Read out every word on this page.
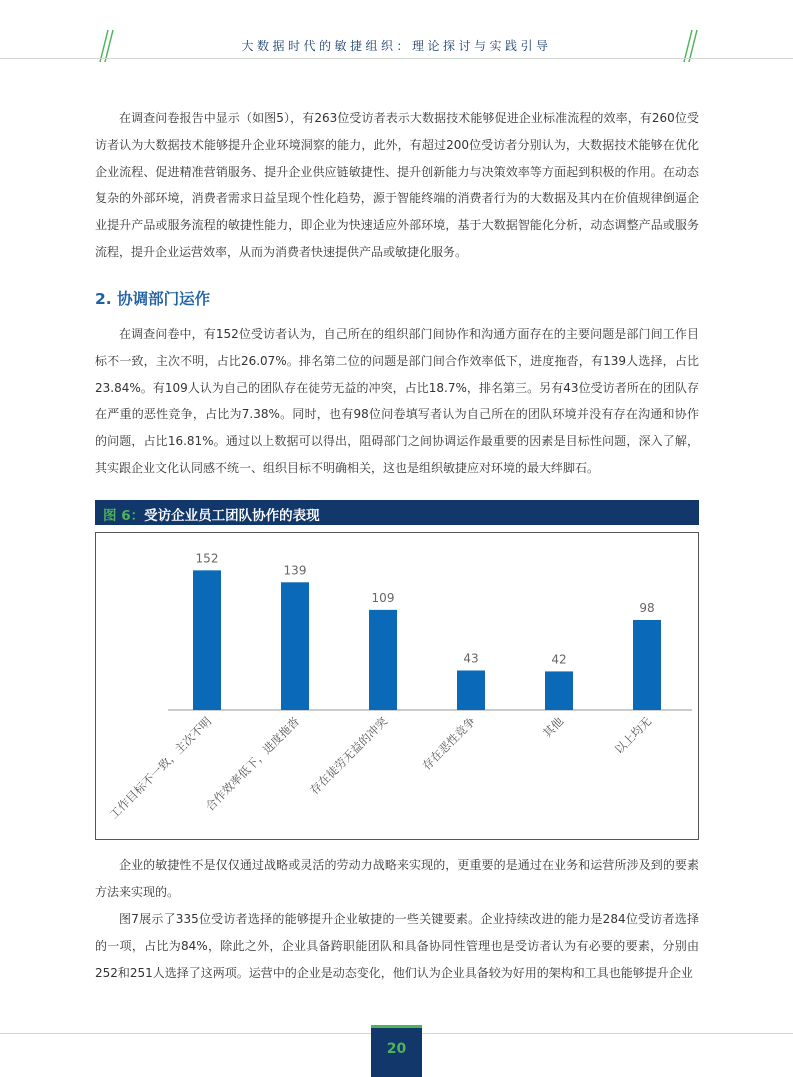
大数据时代的敏捷组织：理论探讨与实践引导

在调查问卷报告中显示（如图5），有263位受访者表示大数据技术能够促进企业标准流程的效率，有260位受访者认为大数据技术能够提升企业环境洞察的能力，此外，有超过200位受访者分别认为，大数据技术能够在优化企业流程、促进精准营销服务、提升企业供应链敏捷性、提升创新能力与决策效率等方面起到积极的作用。在动态复杂的外部环境，消费者需求日益呈现个性化趋势，源于智能终端的消费者行为的大数据及其内在价值规律倒逼企业提升产品或服务流程的敏捷性能力，即企业为快速适应外部环境，基于大数据智能化分析，动态调整产品或服务流程，提升企业运营效率，从而为消费者快速提供产品或敏捷化服务。

2. 协调部门运作

在调查问卷中，有152位受访者认为，自己所在的组织部门间协作和沟通方面存在的主要问题是部门间工作目标不一致，主次不明，占比26.07%。排名第二位的问题是部门间合作效率低下，进度拖沓，有139人选择，占比23.84%。有109人认为自己的团队存在徒劳无益的冲突，占比18.7%，排名第三。另有43位受访者所在的团队存在严重的恶性竞争，占比为7.38%。同时，也有98位问卷填写者认为自己所在的团队环境并没有存在沟通和协作的问题，占比16.81%。通过以上数据可以得出，阻碍部门之间协调运作最重要的因素是目标性问题，深入了解，其实跟企业文化认同感不统一、组织目标不明确相关，这也是组织敏捷应对环境的最大绊脚石。

图 6：受访企业员工团队协作的表现
152
工作目标不一致，主次不明
139
合作效率低下，进度拖沓
109
存在徒劳无益的冲突
43
存在恶性竞争
42
其他
98
以上均无

企业的敏捷性不是仅仅通过战略或灵活的劳动力战略来实现的，更重要的是通过在业务和运营所涉及到的要素方法来实现的。

图7展示了335位受访者选择的能够提升企业敏捷的一些关键要素。企业持续改进的能力是284位受访者选择的一项，占比为84%，除此之外，企业具备跨职能团队和具备协同性管理也是受访者认为有必要的要素，分别由252和251人选择了这两项。运营中的企业是动态变化，他们认为企业具备较为好用的架构和工具也能够提升企业

20
